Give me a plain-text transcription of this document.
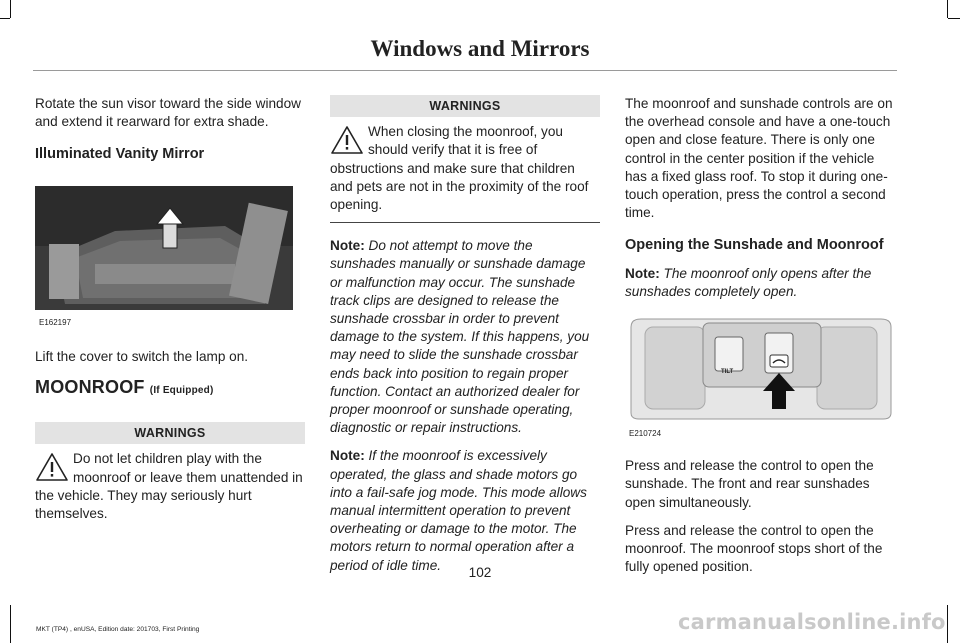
Windows and Mirrors

Rotate the sun visor toward the side window and extend it rearward for extra shade.

Illuminated Vanity Mirror
E162197

Lift the cover to switch the lamp on.

MOONROOF (If Equipped)
WARNINGS
Do not let children play with the moonroof or leave them unattended in the vehicle. They may seriously hurt themselves.
WARNINGS
When closing the moonroof, you should verify that it is free of obstructions and make sure that children and pets are not in the proximity of the roof opening.

Note: Do not attempt to move the sunshades manually or sunshade damage or malfunction may occur. The sunshade track clips are designed to release the sunshade crossbar in order to prevent damage to the system. If this happens, you may need to slide the sunshade crossbar ends back into position to regain proper function. Contact an authorized dealer for proper moonroof or sunshade operating, diagnostic or repair instructions.

Note: If the moonroof is excessively operated, the glass and shade motors go into a fail-safe jog mode. This mode allows manual intermittent operation to prevent overheating or damage to the motor. The motors return to normal operation after a period of idle time.

The moonroof and sunshade controls are on the overhead console and have a one-touch open and close feature. There is only one control in the center position if the vehicle has a fixed glass roof. To stop it during one-touch operation, press the control a second time.

Opening the Sunshade and Moonroof

Note: The moonroof only opens after the sunshades completely open.

TILT
E210724

Press and release the control to open the sunshade. The front and rear sunshades open simultaneously.

Press and release the control to open the moonroof. The moonroof stops short of the fully opened position.

102
MKT (TP4) , enUSA, Edition date: 201703, First Printing	carmanualsonline.info
